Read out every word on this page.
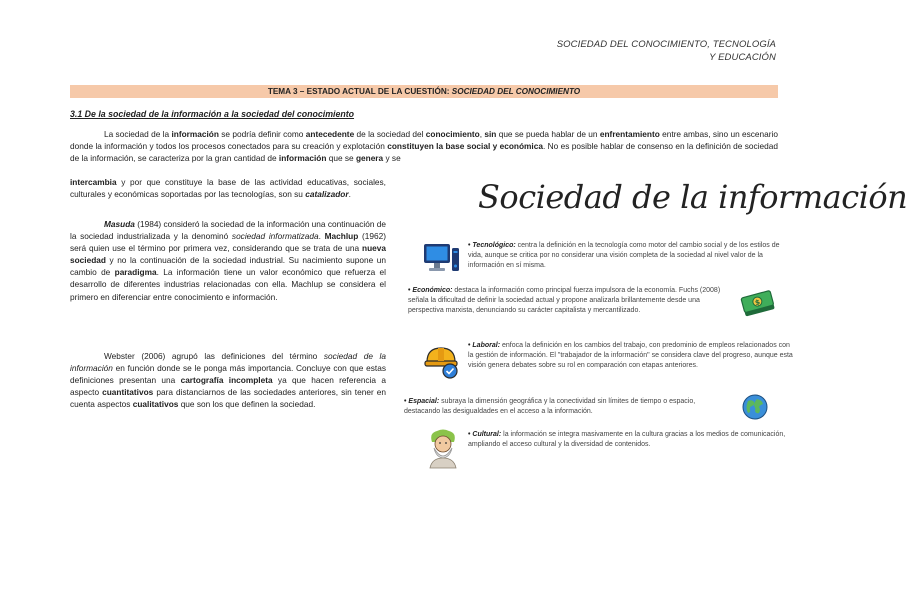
SOCIEDAD DEL CONOCIMIENTO, TECNOLOGÍA
Y EDUCACIÓN
TEMA 3 – ESTADO ACTUAL DE LA CUESTIÓN: SOCIEDAD DEL CONOCIMIENTO
3.1 De la sociedad de la información a la sociedad del conocimiento
La sociedad de la información se podría definir como antecedente de la sociedad del conocimiento, sin que se pueda hablar de un enfrentamiento entre ambas, sino un escenario donde la información y todos los procesos conectados para su creación y explotación constituyen la base social y económica. No es posible hablar de consenso en la definición de sociedad de la información, se caracteriza por la gran cantidad de información que se genera y se
intercambia y por que constituye la base de las actividad educativas, sociales, culturales y económicas soportadas por las tecnologías, son su catalizador.
Masuda (1984) consideró la sociedad de la información una continuación de la sociedad industrializada y la denominó sociedad informatizada. Machlup (1962) será quien use el término por primera vez, considerando que se trata de una nueva sociedad y no la continuación de la sociedad industrial. Su nacimiento supone un cambio de paradigma. La información tiene un valor económico que refuerza el desarrollo de diferentes industrias relacionadas con ella. Machlup se considera el primero en diferenciar entre conocimiento e información.
Webster (2006) agrupó las definiciones del término sociedad de la información en función donde se le ponga más importancia. Concluye con que estas definiciones presentan una cartografía incompleta ya que hacen referencia a aspecto cuantitativos para distanciarnos de las sociedades anteriores, sin tener en cuenta aspectos cualitativos que son los que definen la sociedad.
Sociedad de la información
• Tecnológico: centra la definición en la tecnología como motor del cambio social y de los estilos de vida, aunque se critica por no considerar una visión completa de la sociedad al nivel valor de la información en sí misma.
• Económico: destaca la información como principal fuerza impulsora de la economía. Fuchs (2008) señala la dificultad de definir la sociedad actual y propone analizarla brillantemente desde una perspectiva marxista, denunciando su carácter capitalista y mercantilizado.
$
• Laboral: enfoca la definición en los cambios del trabajo, con predominio de empleos relacionados con la gestión de información. El "trabajador de la información" se considera clave del progreso, aunque esta visión genera debates sobre su rol en comparación con etapas anteriores.
• Espacial: subraya la dimensión geográfica y la conectividad sin límites de tiempo o espacio, destacando las desigualdades en el acceso a la información.
• Cultural: la información se integra masivamente en la cultura gracias a los medios de comunicación, ampliando el acceso cultural y la diversidad de contenidos.
